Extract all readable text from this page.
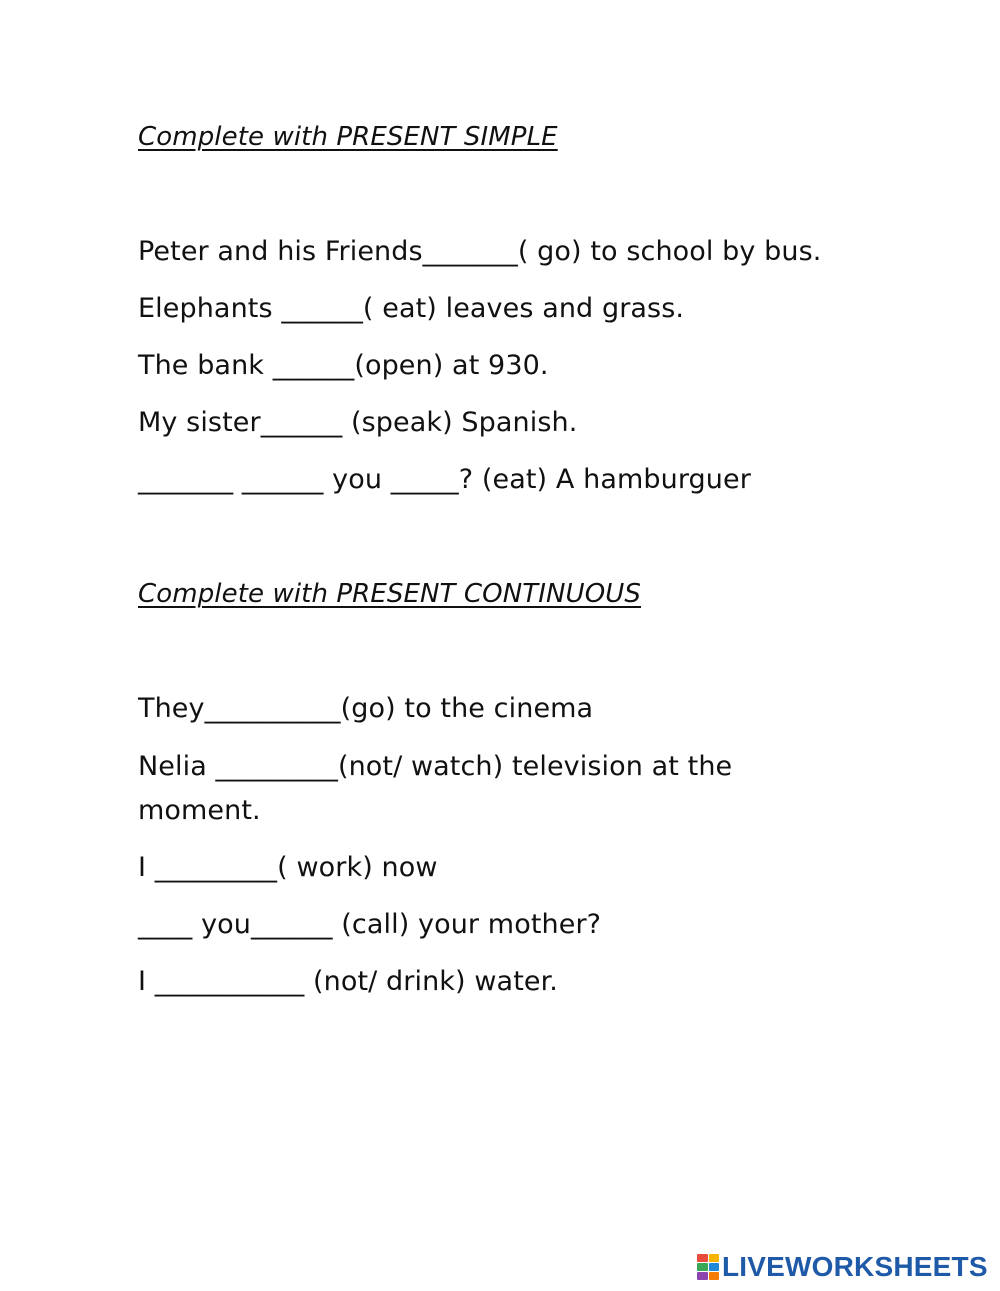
Complete with PRESENT SIMPLE
Peter and his Friends_______( go) to school by bus.
Elephants ______( eat) leaves and grass.
The bank ______(open) at 930.
My sister______ (speak) Spanish.
_______ ______ you _____? (eat) A hamburguer
Complete with PRESENT CONTINUOUS
They__________(go) to the cinema
Nelia _________(not/ watch) television at the
moment.
I _________( work) now
____ you______ (call) your mother?
I ___________ (not/ drink) water.
LIVEWORKSHEETS
